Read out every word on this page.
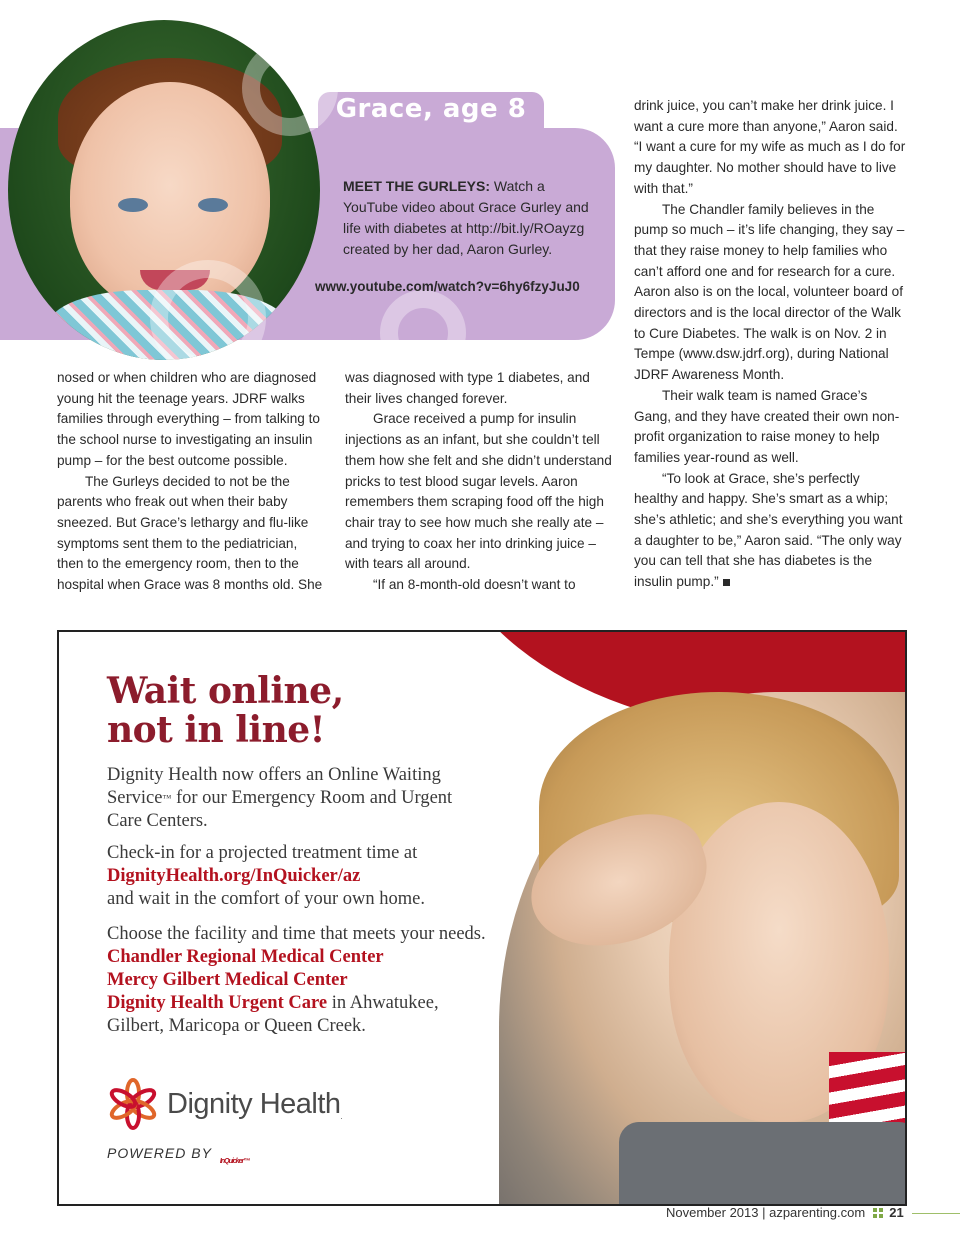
Grace, age 8
MEET THE GURLEYS: Watch a YouTube video about Grace Gurley and life with diabetes at http://bit.ly/ROayzg created by her dad, Aaron Gurley.
www.youtube.com/watch?v=6hy6fzyJuJ0

nosed or when children who are diagnosed young hit the teenage years. JDRF walks families through everything – from talking to the school nurse to investigating an insulin pump – for the best outcome possible.

The Gurleys decided to not be the parents who freak out when their baby sneezed. But Grace’s lethargy and flu-like symptoms sent them to the pediatrician, then to the emergency room, then to the hospital when Grace was 8 months old. She

was diagnosed with type 1 diabetes, and their lives changed forever.

Grace received a pump for insulin injections as an infant, but she couldn’t tell them how she felt and she didn’t understand pricks to test blood sugar levels. Aaron remembers them scraping food off the high chair tray to see how much she really ate – and trying to coax her into drinking juice – with tears all around.

“If an 8-month-old doesn’t want to

drink juice, you can’t make her drink juice. I want a cure more than anyone,” Aaron said. “I want a cure for my wife as much as I do for my daughter. No mother should have to live with that.”

The Chandler family believes in the pump so much – it’s life changing, they say – that they raise money to help families who can’t afford one and for research for a cure. Aaron also is on the local, volunteer board of directors and is the local director of the Walk to Cure Diabetes. The walk is on Nov. 2 in Tempe (www.dsw.jdrf.org), during National JDRF Awareness Month.

Their walk team is named Grace’s Gang, and they have created their own non-profit organization to raise money to help families year-round as well.

“To look at Grace, she’s perfectly healthy and happy. She’s smart as a whip; she’s athletic; and she’s everything you want a daughter to be,” Aaron said. “The only way you can tell that she has diabetes is the insulin pump.”

Wait online,
not in line!
Dignity Health now offers an Online Waiting Service™ for our Emergency Room and Urgent Care Centers.
Check-in for a projected treatment time at
DignityHealth.org/InQuicker/az
and wait in the comfort of your own home.
Choose the facility and time that meets your needs.
Chandler Regional Medical Center
Mercy Gilbert Medical Center
Dignity Health Urgent Care in Ahwatukee, Gilbert, Maricopa or Queen Creek.
Dignity Health.
POWERED BY
InQuicker™
November 2013 | azparenting.com 21
